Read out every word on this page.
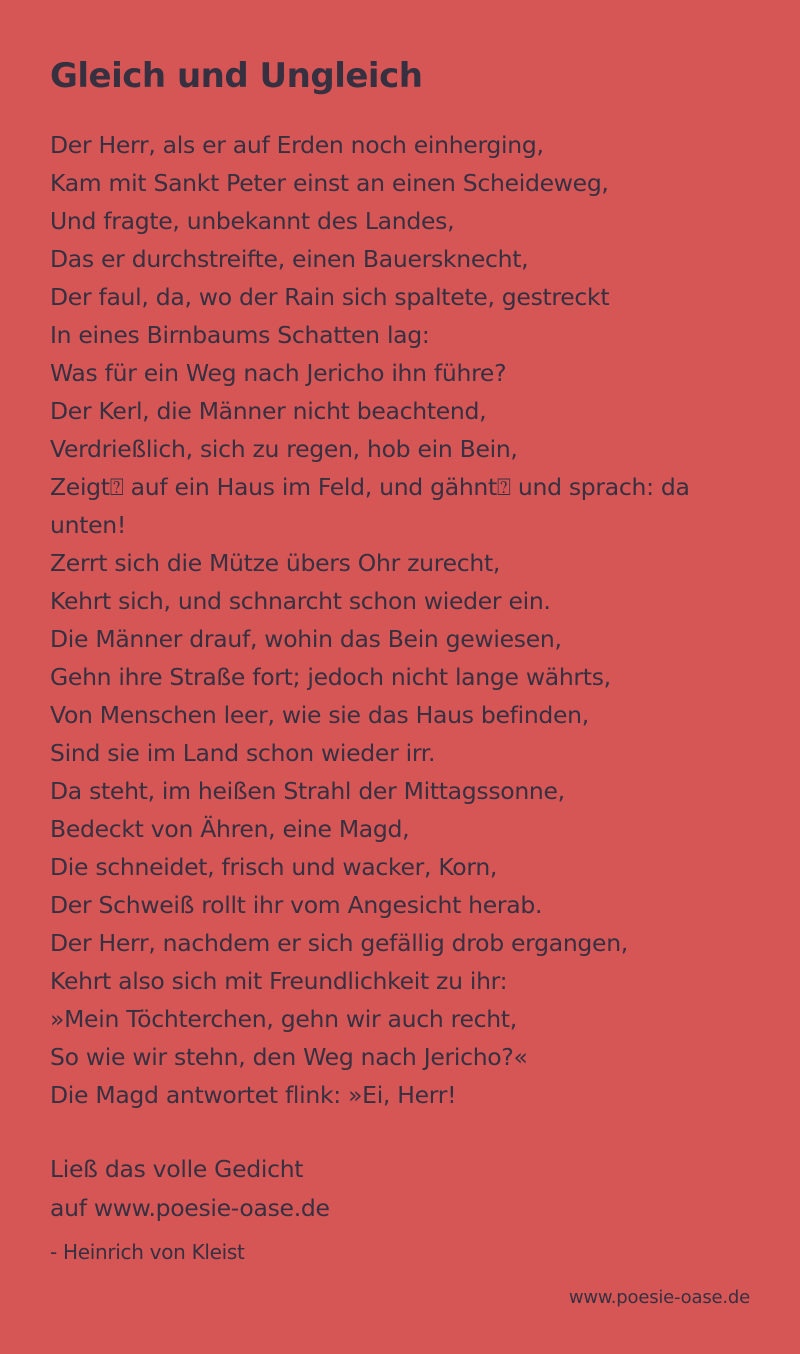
Gleich und Ungleich
Der Herr, als er auf Erden noch einherging,
Kam mit Sankt Peter einst an einen Scheideweg,
Und fragte, unbekannt des Landes,
Das er durchstreifte, einen Bauersknecht,
Der faul, da, wo der Rain sich spaltete, gestreckt
In eines Birnbaums Schatten lag:
Was für ein Weg nach Jericho ihn führe?
Der Kerl, die Männer nicht beachtend,
Verdrießlich, sich zu regen, hob ein Bein,
Zeigt⍰ auf ein Haus im Feld, und gähnt⍰ und sprach: da unten!
Zerrt sich die Mütze übers Ohr zurecht,
Kehrt sich, und schnarcht schon wieder ein.
Die Männer drauf, wohin das Bein gewiesen,
Gehn ihre Straße fort; jedoch nicht lange währts,
Von Menschen leer, wie sie das Haus befinden,
Sind sie im Land schon wieder irr.
Da steht, im heißen Strahl der Mittagssonne,
Bedeckt von Ähren, eine Magd,
Die schneidet, frisch und wacker, Korn,
Der Schweiß rollt ihr vom Angesicht herab.
Der Herr, nachdem er sich gefällig drob ergangen,
Kehrt also sich mit Freundlichkeit zu ihr:
»Mein Töchterchen, gehn wir auch recht,
So wie wir stehn, den Weg nach Jericho?«
Die Magd antwortet flink: »Ei, Herr!
Ließ das volle Gedicht
auf www.poesie-oase.de
- Heinrich von Kleist
www.poesie-oase.de
